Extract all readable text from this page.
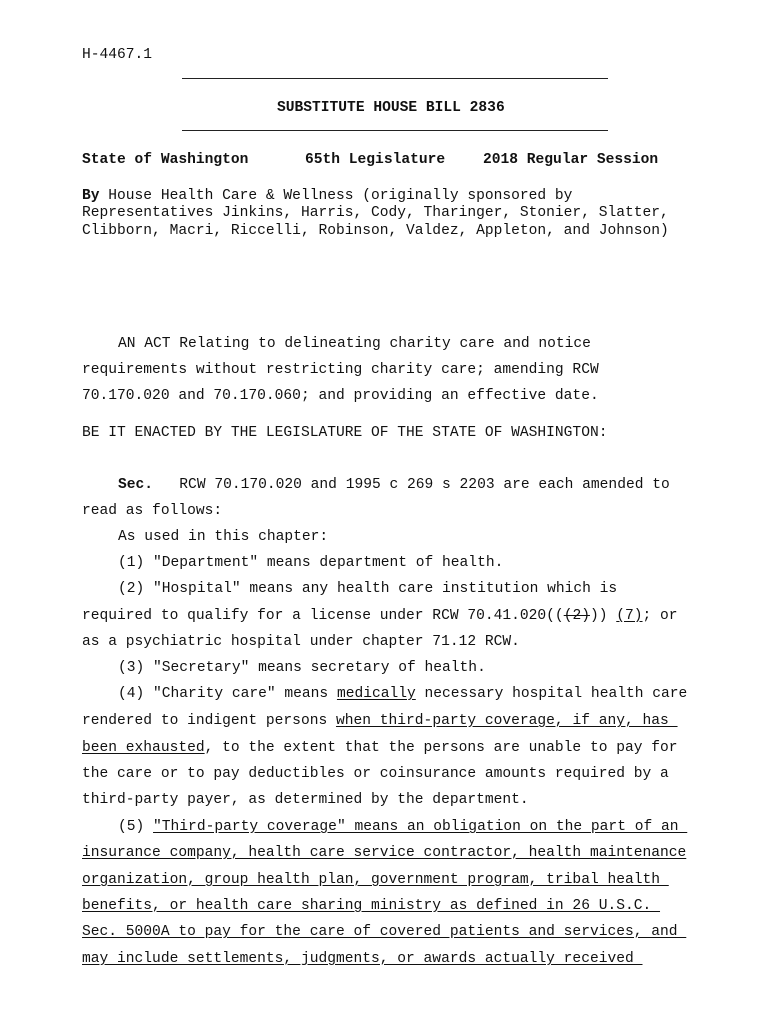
H-4467.1
SUBSTITUTE HOUSE BILL 2836
State of Washington	65th Legislature	2018 Regular Session
By House Health Care & Wellness (originally sponsored by
Representatives Jinkins, Harris, Cody, Tharinger, Stonier, Slatter,
Clibborn, Macri, Riccelli, Robinson, Valdez, Appleton, and Johnson)
AN ACT Relating to delineating charity care and notice
requirements without restricting charity care; amending RCW
70.170.020 and 70.170.060; and providing an effective date.
BE IT ENACTED BY THE LEGISLATURE OF THE STATE OF WASHINGTON:
Sec.   RCW 70.170.020 and 1995 c 269 s 2203 are each amended to
read as follows:
As used in this chapter:
(1) "Department" means department of health.
(2) "Hospital" means any health care institution which is
required to qualify for a license under RCW 70.41.020(((2))) (7); or
as a psychiatric hospital under chapter 71.12 RCW.
(3) "Secretary" means secretary of health.
(4) "Charity care" means medically necessary hospital health care
rendered to indigent persons when third-party coverage, if any, has
been exhausted, to the extent that the persons are unable to pay for
the care or to pay deductibles or coinsurance amounts required by a
third-party payer, as determined by the department.
(5) "Third-party coverage" means an obligation on the part of an
insurance company, health care service contractor, health maintenance
organization, group health plan, government program, tribal health
benefits, or health care sharing ministry as defined in 26 U.S.C.
Sec. 5000A to pay for the care of covered patients and services, and
may include settlements, judgments, or awards actually received
